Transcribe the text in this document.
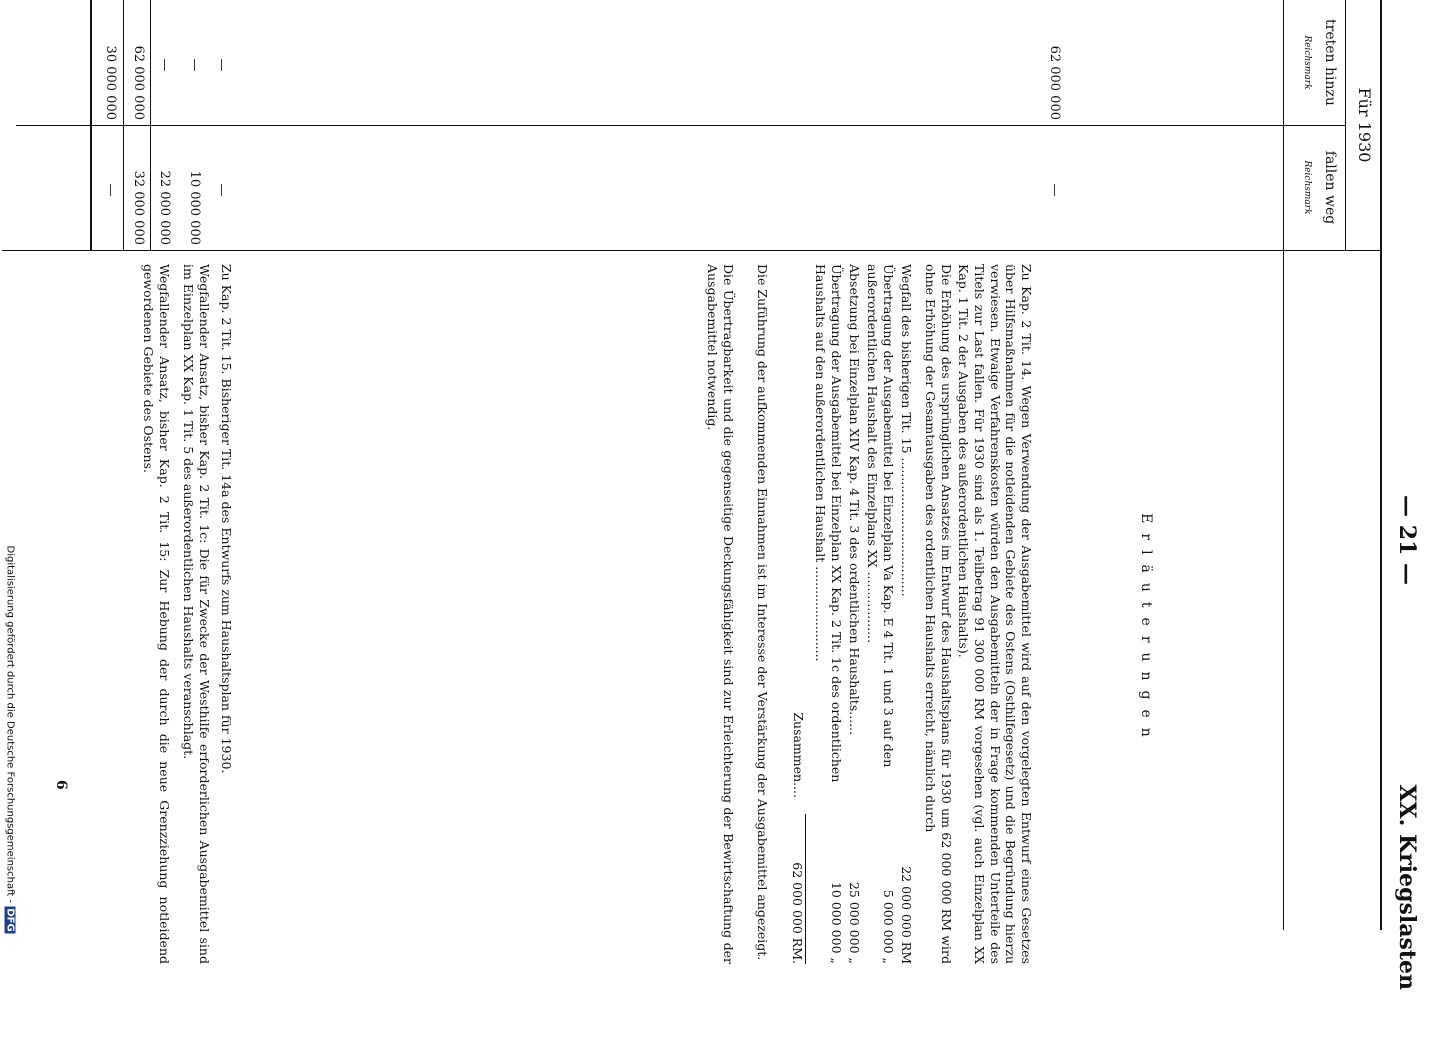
— 21 —
XX. Kriegslasten
Für 1930
treten hinzu
Reichsmark
fallen weg
Reichsmark
62 000 000
—
—
—
—
10 000 000
—
22 000 000
62 000 000
32 000 000
30 000 000
—
Erläuterungen
Zu Kap. 2 Tit. 14. Wegen Verwendung der Ausgabemittel wird auf den vorgelegten Entwurf eines Gesetzes über Hilfsmaßnahmen für die notleidenden Gebiete des Ostens (Osthilfegesetz) und die Begründung hierzu verwiesen. Etwaige Verfahrenskosten würden den Ausgabemitteln der in Frage kommenden Unterteile des Titels zur Last fallen. Für 1930 sind als 1. Teilbetrag 91 300 000 RM vorgesehen (vgl. auch Einzelplan XX Kap. 1 Tit. 2 der Ausgaben des außerordentlichen Haushalts).
Die Erhöhung des ursprünglichen Ansatzes im Entwurf des Haushaltsplans für 1930 um 62 000 000 RM wird ohne Erhöhung der Gesamtausgaben des ordentlichen Haushalts erreicht, nämlich durch
Wegfall des bisherigen Tit. 15 ...................................
22 000 000 RM
Übertragung der Ausgabemittel bei Einzelplan Va Kap. E 4 Tit. 1 und 3 auf den außerordentlichen Haushalt des Einzelplans XX ..................
5 000 000 „
Absetzung bei Einzelplan XIV Kap. 4 Tit. 3 des ordentlichen Haushalts......
25 000 000 „
Übertragung der Ausgabemittel bei Einzelplan XX Kap. 2 Tit. 1c des ordentlichen Haushalts auf den außerordentlichen Haushalt ........................
10 000 000 „
Zusammen....
62 000 000 RM.
Die Zuführung der aufkommenden Einnahmen ist im Interesse der Verstärkung der Ausgabemittel angezeigt.
Die Übertragbarkeit und die gegenseitige Deckungsfähigkeit sind zur Erleichterung der Bewirtschaftung der Ausgabemittel notwendig.
Zu Kap. 2 Tit. 15. Bisheriger Tit. 14a des Entwurfs zum Haushaltsplan für 1930.
Wegfallender Ansatz, bisher Kap. 2 Tit. 1c: Die für Zwecke der Westhilfe erforderlichen Ausgabemittel sind im Einzelplan XX Kap. 1 Tit. 5 des außerordentlichen Haushalts veranschlagt.
Wegfallender Ansatz, bisher Kap. 2 Tit. 15: Zur Hebung der durch die neue Grenzziehung notleidend gewordenen Gebiete des Ostens.
6
Digitalisierung gefördert durch die Deutsche Forschungsgemeinschaft - DFG
